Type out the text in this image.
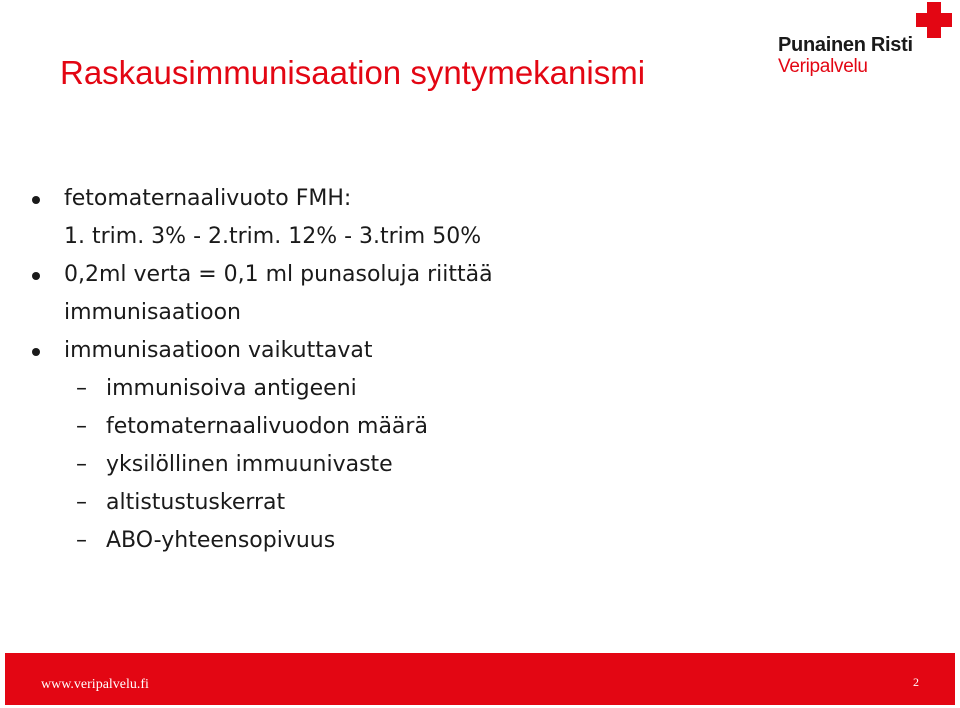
Raskausimmunisaation syntymekanismi
Punainen Risti
Veripalvelu
fetomaternaalivuoto FMH:
1. trim. 3% - 2.trim. 12% - 3.trim 50%
0,2ml verta = 0,1 ml punasoluja riittää
immunisaatioon
immunisaatioon vaikuttavat
– immunisoiva antigeeni
– fetomaternaalivuodon määrä
– yksilöllinen immuunivaste
– altistustuskerrat
– ABO-yhteensopivuus
www.veripalvelu.fi	2
